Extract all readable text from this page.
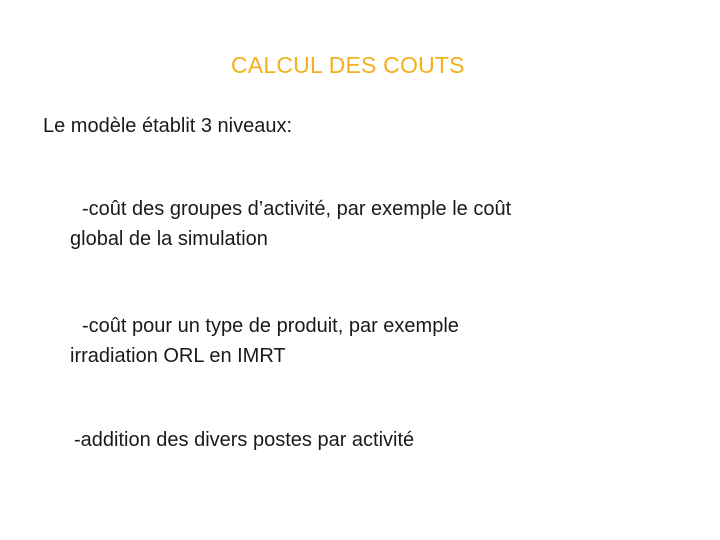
CALCUL DES COUTS
Le modèle établit 3 niveaux:
-coût des groupes d’activité, par exemple le coût
global de la simulation
-coût pour un type de produit, par exemple
irradiation ORL en IMRT
-addition des divers postes par activité
